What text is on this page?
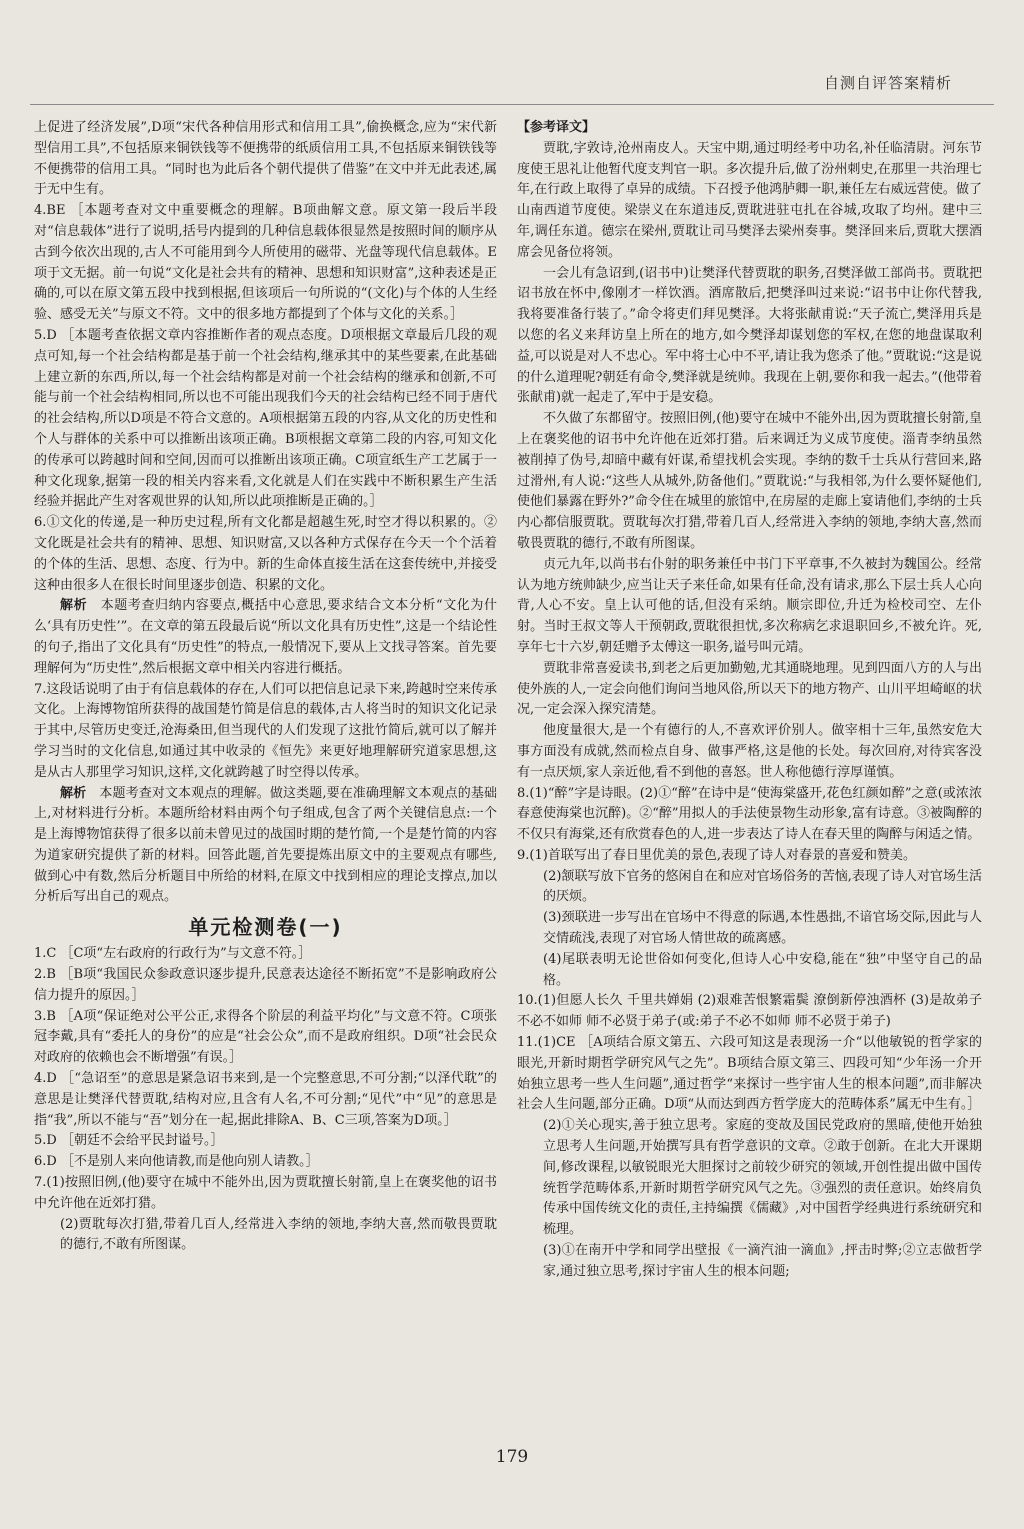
自测自评答案精析

上促进了经济发展”,D项“宋代各种信用形式和信用工具”,偷换概念,应为“宋代新型信用工具”,不包括原来铜铁钱等不便携带的纸质信用工具,不包括原来铜铁钱等不便携带的信用工具。“同时也为此后各个朝代提供了借鉴”在文中并无此表述,属于无中生有。

4.BE ［本题考查对文中重要概念的理解。B项曲解文意。原文第一段后半段对“信息载体”进行了说明,括号内提到的几种信息载体很显然是按照时间的顺序从古到今依次出现的,古人不可能用到今人所使用的磁带、光盘等现代信息载体。E项于文无据。前一句说“文化是社会共有的精神、思想和知识财富”,这种表述是正确的,可以在原文第五段中找到根据,但该项后一句所说的“(文化)与个体的人生经验、感受无关”与原文不符。文中的很多地方都提到了个体与文化的关系。］

5.D ［本题考查依据文章内容推断作者的观点态度。D项根据文章最后几段的观点可知,每一个社会结构都是基于前一个社会结构,继承其中的某些要素,在此基础上建立新的东西,所以,每一个社会结构都是对前一个社会结构的继承和创新,不可能与前一个社会结构相同,所以也不可能出现我们今天的社会结构已经不同于唐代的社会结构,所以D项是不符合文意的。A项根据第五段的内容,从文化的历史性和个人与群体的关系中可以推断出该项正确。B项根据文章第二段的内容,可知文化的传承可以跨越时间和空间,因而可以推断出该项正确。C项宣纸生产工艺属于一种文化现象,据第一段的相关内容来看,文化就是人们在实践中不断积累生产生活经验并据此产生对客观世界的认知,所以此项推断是正确的。］

6.①文化的传递,是一种历史过程,所有文化都是超越生死,时空才得以积累的。②文化既是社会共有的精神、思想、知识财富,又以各种方式保存在今天一个个活着的个体的生活、思想、态度、行为中。新的生命体直接生活在这套传统中,并接受这种由很多人在很长时间里逐步创造、积累的文化。

解析　 本题考查归纳内容要点,概括中心意思,要求结合文本分析“文化为什么‘具有历史性’”。在文章的第五段最后说“所以文化具有历史性”,这是一个结论性的句子,指出了文化具有“历史性”的特点,一般情况下,要从上文找寻答案。首先要理解何为“历史性”,然后根据文章中相关内容进行概括。

7.这段话说明了由于有信息载体的存在,人们可以把信息记录下来,跨越时空来传承文化。上海博物馆所获得的战国楚竹简是信息的载体,古人将当时的知识文化记录于其中,尽管历史变迁,沧海桑田,但当现代的人们发现了这批竹简后,就可以了解并学习当时的文化信息,如通过其中收录的《恒先》来更好地理解研究道家思想,这是从古人那里学习知识,这样,文化就跨越了时空得以传承。

解析　 本题考查对文本观点的理解。做这类题,要在准确理解文本观点的基础上,对材料进行分析。本题所给材料由两个句子组成,包含了两个关键信息点:一个是上海博物馆获得了很多以前未曾见过的战国时期的楚竹简,一个是楚竹简的内容为道家研究提供了新的材料。回答此题,首先要提炼出原文中的主要观点有哪些,做到心中有数,然后分析题目中所给的材料,在原文中找到相应的理论支撑点,加以分析后写出自己的观点。

单元检测卷(一)

1.C ［C项“左右政府的行政行为”与文意不符。］

2.B ［B项“我国民众参政意识逐步提升,民意表达途径不断拓宽”不是影响政府公信力提升的原因。］

3.B ［A项“保证绝对公平公正,求得各个阶层的利益平均化”与文意不符。C项张冠李戴,具有“委托人的身份”的应是“社会公众”,而不是政府组织。D项“社会民众对政府的依赖也会不断增强”有误。］

4.D ［“急诏至”的意思是紧急诏书来到,是一个完整意思,不可分割;“以泽代耽”的意思是让樊泽代替贾耽,结构对应,且含有人名,不可分割;“见代”中“见”的意思是指“我”,所以不能与“吾”划分在一起,据此排除A、B、C三项,答案为D项。］

5.D ［朝廷不会给平民封谥号。］

6.D ［不是别人来向他请教,而是他向别人请教。］

7.(1)按照旧例,(他)要守在城中不能外出,因为贾耽擅长射箭,皇上在褒奖他的诏书中允许他在近郊打猎。

(2)贾耽每次打猎,带着几百人,经常进入李纳的领地,李纳大喜,然而敬畏贾耽的德行,不敢有所图谋。

【参考译文】

贾耽,字敦诗,沧州南皮人。天宝中期,通过明经考中功名,补任临清尉。河东节度使王思礼让他暂代度支判官一职。多次提升后,做了汾州刺史,在那里一共治理七年,在行政上取得了卓异的成绩。下召授予他鸿胪卿一职,兼任左右威远营使。做了山南西道节度使。梁崇义在东道违反,贾耽进驻屯扎在谷城,攻取了均州。建中三年,调任东道。德宗在梁州,贾耽让司马樊泽去梁州奏事。樊泽回来后,贾耽大摆酒席会见备位将领。

一会儿有急诏到,(诏书中)让樊泽代替贾耽的职务,召樊泽做工部尚书。贾耽把诏书放在怀中,像刚才一样饮酒。酒席散后,把樊泽叫过来说:“诏书中让你代替我,我将要准备行装了。”命令将吏们拜见樊泽。大将张献甫说:“天子流亡,樊泽用兵是以您的名义来拜访皇上所在的地方,如今樊泽却谋划您的军权,在您的地盘谋取利益,可以说是对人不忠心。军中将士心中不平,请让我为您杀了他。”贾耽说:“这是说的什么道理呢?朝廷有命令,樊泽就是统帅。我现在上朝,要你和我一起去。”(他带着张献甫)就一起走了,军中于是安稳。

不久做了东都留守。按照旧例,(他)要守在城中不能外出,因为贾耽擅长射箭,皇上在褒奖他的诏书中允许他在近郊打猎。后来调迁为义成节度使。淄青李纳虽然被削掉了伪号,却暗中藏有奸谋,希望找机会实现。李纳的数千士兵从行营回来,路过滑州,有人说:“这些人从城外,防备他们。”贾耽说:“与我相邻,为什么要怀疑他们,使他们暴露在野外?”命令住在城里的旅馆中,在房屋的走廊上宴请他们,李纳的士兵内心都信服贾耽。贾耽每次打猎,带着几百人,经常进入李纳的领地,李纳大喜,然而敬畏贾耽的德行,不敢有所图谋。

贞元九年,以尚书右仆射的职务兼任中书门下平章事,不久被封为魏国公。经常认为地方统帅缺少,应当让天子来任命,如果有任命,没有请求,那么下层士兵人心向背,人心不安。皇上认可他的话,但没有采纳。顺宗即位,升迁为检校司空、左仆射。当时王叔文等人干预朝政,贾耽很担忧,多次称病乞求退职回乡,不被允许。死,享年七十六岁,朝廷赠予太傅这一职务,谥号叫元靖。

贾耽非常喜爱读书,到老之后更加勤勉,尤其通晓地理。见到四面八方的人与出使外族的人,一定会向他们询问当地风俗,所以天下的地方物产、山川平坦崎岖的状况,一定会深入探究清楚。

他度量很大,是一个有德行的人,不喜欢评价别人。做宰相十三年,虽然安危大事方面没有成就,然而检点自身、做事严格,这是他的长处。每次回府,对待宾客没有一点厌烦,家人亲近他,看不到他的喜怒。世人称他德行淳厚谨慎。

8.(1)“醉”字是诗眼。(2)①“醉”在诗中是“使海棠盛开,花色红颜如醉”之意(或浓浓春意使海棠也沉醉)。②“醉”用拟人的手法使景物生动形象,富有诗意。③被陶醉的不仅只有海棠,还有欣赏春色的人,进一步表达了诗人在春天里的陶醉与闲适之情。

9.(1)首联写出了春日里优美的景色,表现了诗人对春景的喜爱和赞美。

(2)颔联写放下官务的悠闲自在和应对官场俗务的苦恼,表现了诗人对官场生活的厌烦。

(3)颈联进一步写出在官场中不得意的际遇,本性愚拙,不谙官场交际,因此与人交情疏浅,表现了对官场人情世故的疏离感。

(4)尾联表明无论世俗如何变化,但诗人心中安稳,能在“独”中坚守自己的品格。

10.(1)但愿人长久 千里共婵娟 (2)艰难苦恨繁霜鬓 潦倒新停浊酒杯 (3)是故弟子不必不如师 师不必贤于弟子(或:弟子不必不如师 师不必贤于弟子)

11.(1)CE ［A项结合原文第五、六段可知这是表现汤一介“以他敏锐的哲学家的眼光,开新时期哲学研究风气之先”。B项结合原文第三、四段可知“少年汤一介开始独立思考一些人生问题”,通过哲学“来探讨一些宇宙人生的根本问题”,而非解决社会人生问题,部分正确。D项“从而达到西方哲学庞大的范畴体系”属无中生有。］

(2)①关心现实,善于独立思考。家庭的变故及国民党政府的黑暗,使他开始独立思考人生问题,开始撰写具有哲学意识的文章。②敢于创新。在北大开课期间,修改课程,以敏锐眼光大胆探讨之前较少研究的领域,开创性提出做中国传统哲学范畴体系,开新时期哲学研究风气之先。③强烈的责任意识。始终肩负传承中国传统文化的责任,主持编撰《儒藏》,对中国哲学经典进行系统研究和梳理。

(3)①在南开中学和同学出壁报《一滴汽油一滴血》,抨击时弊;②立志做哲学家,通过独立思考,探讨宇宙人生的根本问题;

179
